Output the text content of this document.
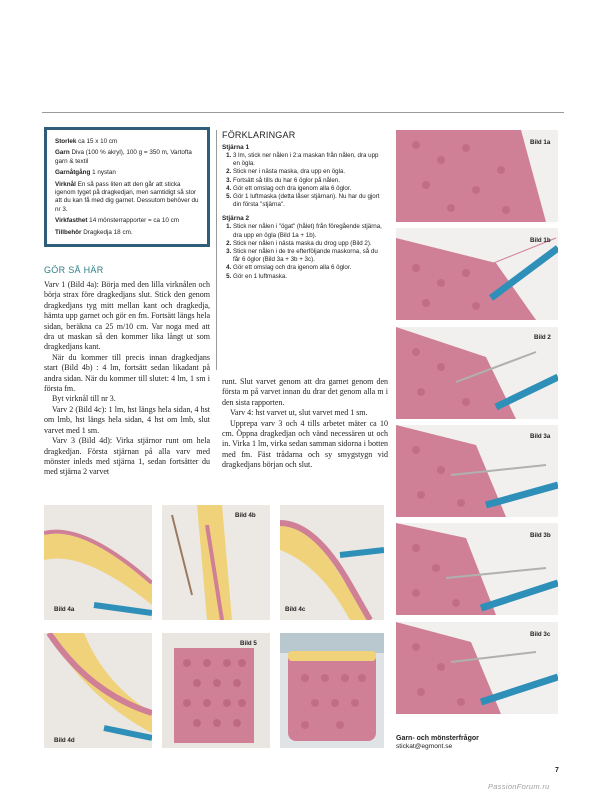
Storlek ca 15 x 10 cm
Garn Diva (100 % akryl), 100 g = 350 m, Vartofta garn & textil
Garnåtgång 1 nystan
Virknål En så pass liten att den går att sticka igenom tyget på dragkedjan, men samtidigt så stor att du kan få med dig garnet. Dessutom behöver du nr 3.
Virkfasthet 14 mönsterrapporter = ca 10 cm
Tillbehör Dragkedja 18 cm.
GÖR SÅ HÄR

Varv 1 (Bild 4a): Börja med den lilla virknålen och börja strax före dragkedjans slut. Stick den genom dragkedjans tyg mitt mellan kant och dragkedja, hämta upp garnet och gör en fm. Fortsätt längs hela sidan, beräkna ca 25 m/10 cm. Var noga med att dra ut maskan så den kommer lika långt ut som dragkedjans kant.

När du kommer till precis innan dragkedjans start (Bild 4b) : 4 lm, fortsätt sedan likadant på andra sidan. När du kommer till slutet: 4 lm, 1 sm i första fm.

Byt virknål till nr 3.

Varv 2 (Bild 4c): 1 lm, hst längs hela sidan, 4 hst om lmb, hst längs hela sidan, 4 hst om lmb, slut varvet med 1 sm.

Varv 3 (Bild 4d): Virka stjärnor runt om hela dragkedjan. Första stjärnan på alla varv med mönster inleds med stjärna 1, sedan fortsätter du med stjärna 2 varvet

runt. Slut varvet genom att dra garnet genom den första m på varvet innan du drar det genom alla m i den sista rapporten.

Varv 4: hst varvet ut, slut varvet med 1 sm.

Upprepa varv 3 och 4 tills arbetet mäter ca 10 cm. Öppna dragkedjan och vänd necessären ut och in. Virka 1 lm, virka sedan samman sidorna i botten med fm. Fäst trådarna och sy smygstygn vid dragkedjans början och slut.

FÖRKLARINGAR
Stjärna 1
1. 3 lm, stick ner nålen i 2:a maskan från nålen, dra upp en ögla.
2. Stick ner i nästa maska, dra upp en ögla.
3. Fortsätt så tills du har 6 öglor på nålen.
4. Gör ett omslag och dra igenom alla 6 öglor.
5. Gör 1 luftmaska (detta låser stjärnan). Nu har du gjort din första "stjärna".
Stjärna 2
1. Stick ner nålen i "ögat" (hålet) från föregående stjärna, dra upp en ögla (Bild 1a + 1b).
2. Stick ner nålen i nästa maska du drog upp (Bild 2).
3. Stick ner nålen i de tre efterföljande maskorna, så du får 6 öglor (Bild 3a + 3b + 3c).
4. Gör ett omslag och dra igenom alla 6 öglor.
5. Gör en 1 luftmaska.
Bild 1a
Bild 1b
Bild 2
Bild 3a
Bild 3b
Bild 3c
Bild 4a
Bild 4b
Bild 4c
Bild 4d
Bild 5

Garn- och mönsterfrågor

stickat@egmont.se

7
PassionForum.ru
